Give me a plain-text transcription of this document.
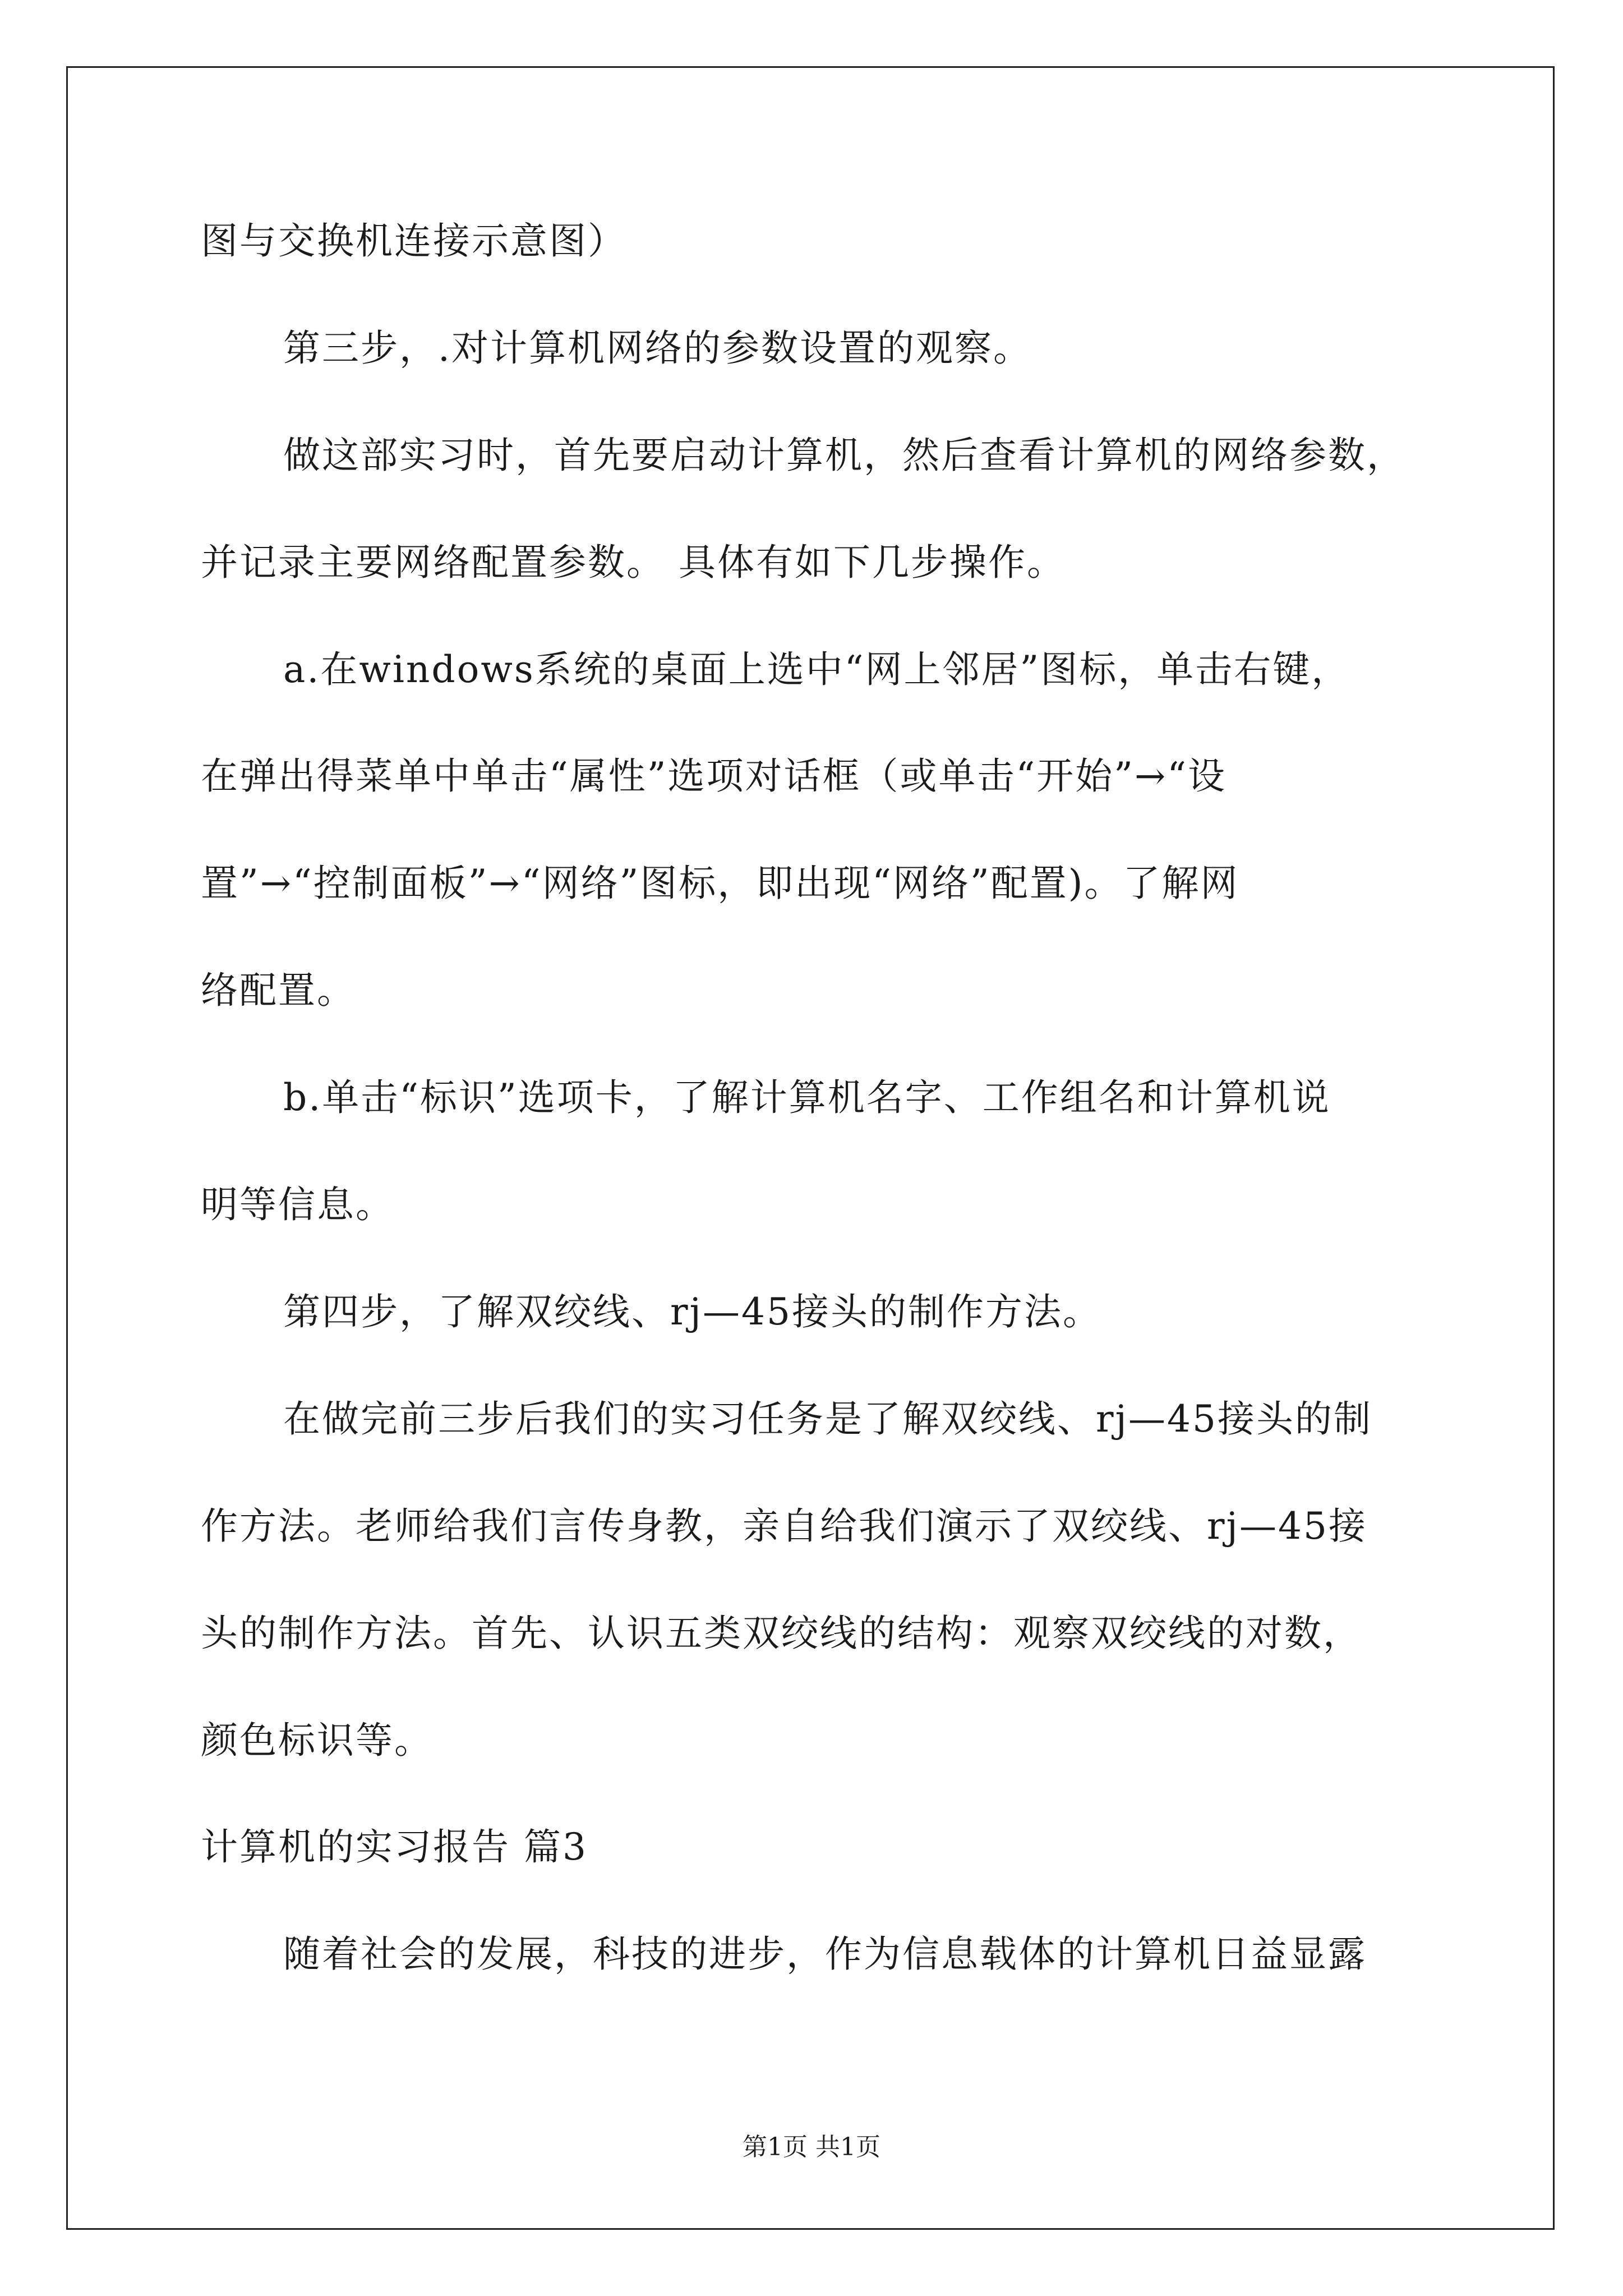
图与交换机连接示意图）
第三步，.对计算机网络的参数设置的观察。
做这部实习时，首先要启动计算机，然后查看计算机的网络参数，
并记录主要网络配置参数。 具体有如下几步操作。
a.在windows系统的桌面上选中“网上邻居”图标，单击右键，
在弹出得菜单中单击“属性”选项对话框（或单击“开始”→“设
置”→“控制面板”→“网络”图标，即出现“网络”配置)。了解网
络配置。
b.单击“标识”选项卡，了解计算机名字、工作组名和计算机说
明等信息。
第四步，了解双绞线、rj—45接头的制作方法。
在做完前三步后我们的实习任务是了解双绞线、rj—45接头的制
作方法。老师给我们言传身教，亲自给我们演示了双绞线、rj—45接
头的制作方法。首先、认识五类双绞线的结构：观察双绞线的对数，
颜色标识等。
计算机的实习报告 篇3
随着社会的发展，科技的进步，作为信息载体的计算机日益显露
第1页 共1页
